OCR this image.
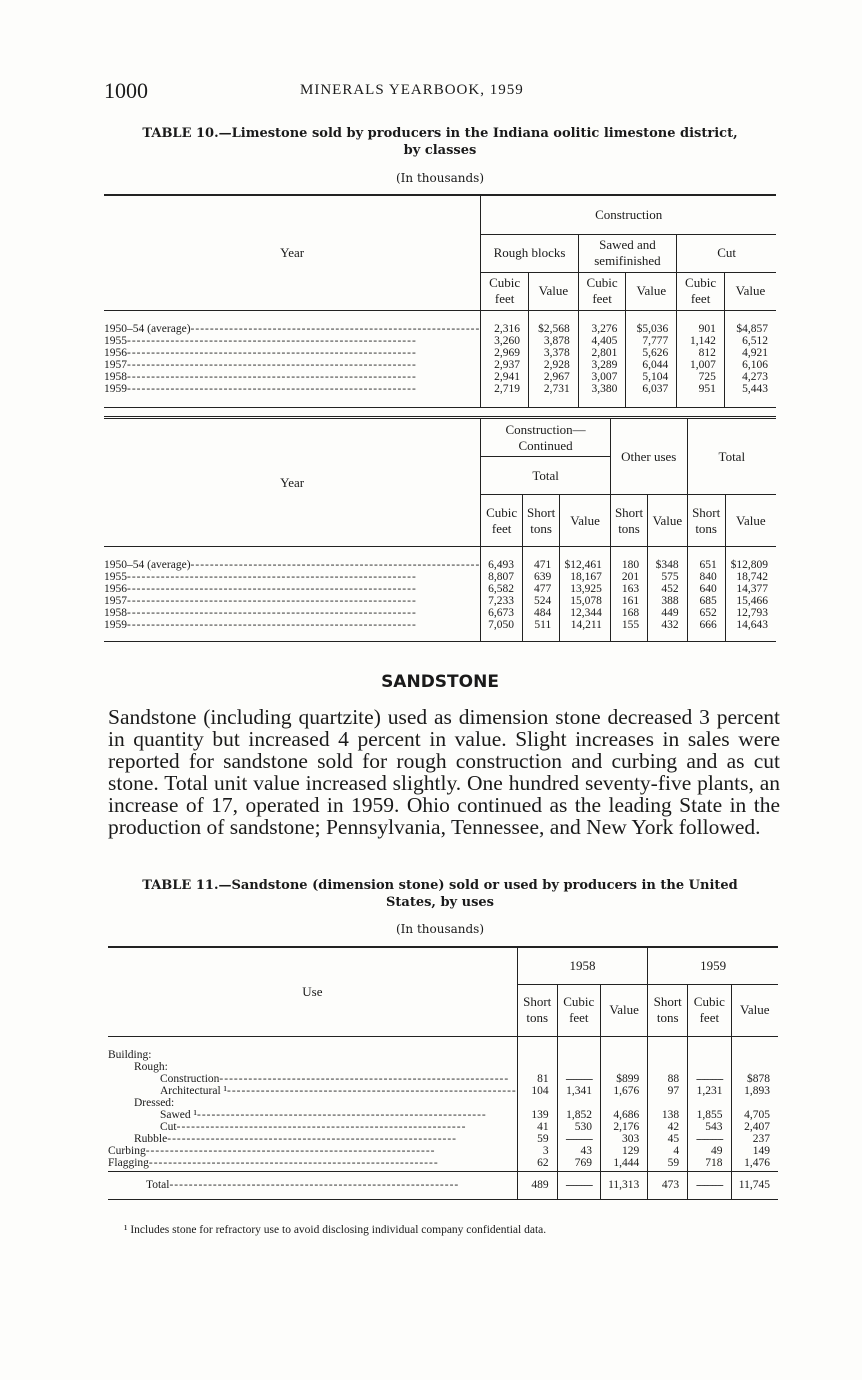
1000	MINERALS YEARBOOK, 1959
TABLE 10.—Limestone sold by producers in the Indiana oolitic limestone district,
by classes
(In thousands)
Year	Construction					
	Rough blocks		Sawed and semifinished		Cut	
	Cubic feet	Value	Cubic feet	Value	Cubic feet	Value
1950–54 (average)------------------------------------------------------------	2,316	$2,568	3,276	$5,036	901	$4,857
1955------------------------------------------------------------	3,260	3,878	4,405	7,777	1,142	6,512
1956------------------------------------------------------------	2,969	3,378	2,801	5,626	812	4,921
1957------------------------------------------------------------	2,937	2,928	3,289	6,044	1,007	6,106
1958------------------------------------------------------------	2,941	2,967	3,007	5,104	725	4,273
1959------------------------------------------------------------	2,719	2,731	3,380	6,037	951	5,443
Year	Construction—Continued			Other uses		Total	
	Total						
	Cubic feet	Short tons	Value	Short tons	Value	Short tons	Value
1950–54 (average)------------------------------------------------------------	6,493	471	$12,461	180	$348	651	$12,809
1955------------------------------------------------------------	8,807	639	18,167	201	575	840	18,742
1956------------------------------------------------------------	6,582	477	13,925	163	452	640	14,377
1957------------------------------------------------------------	7,233	524	15,078	161	388	685	15,466
1958------------------------------------------------------------	6,673	484	12,344	168	449	652	12,793
1959------------------------------------------------------------	7,050	511	14,211	155	432	666	14,643
SANDSTONE

Sandstone (including quartzite) used as dimension stone decreased 3 percent in quantity but increased 4 percent in value. Slight increases in sales were reported for sandstone sold for rough construction and curbing and as cut stone. Total unit value increased slightly. One hundred seventy-five plants, an increase of 17, operated in 1959. Ohio continued as the leading State in the production of sandstone; Pennsylvania, Tennessee, and New York followed.

TABLE 11.—Sandstone (dimension stone) sold or used by producers in the United
States, by uses
(In thousands)
Use	1958			1959		
	Short tons	Cubic feet	Value	Short tons	Cubic feet	Value
Building:						
Rough:						
Construction------------------------------------------------------------	81	----------	$899	88	----------	$878
Architectural ¹------------------------------------------------------------	104	1,341	1,676	97	1,231	1,893
Dressed:						
Sawed ¹------------------------------------------------------------	139	1,852	4,686	138	1,855	4,705
Cut------------------------------------------------------------	41	530	2,176	42	543	2,407
Rubble------------------------------------------------------------	59	----------	303	45	----------	237
Curbing------------------------------------------------------------	3	43	129	4	49	149
Flagging------------------------------------------------------------	62	769	1,444	59	718	1,476
Total------------------------------------------------------------	489	----------	11,313	473	----------	11,745
¹ Includes stone for refractory use to avoid disclosing individual company confidential data.
